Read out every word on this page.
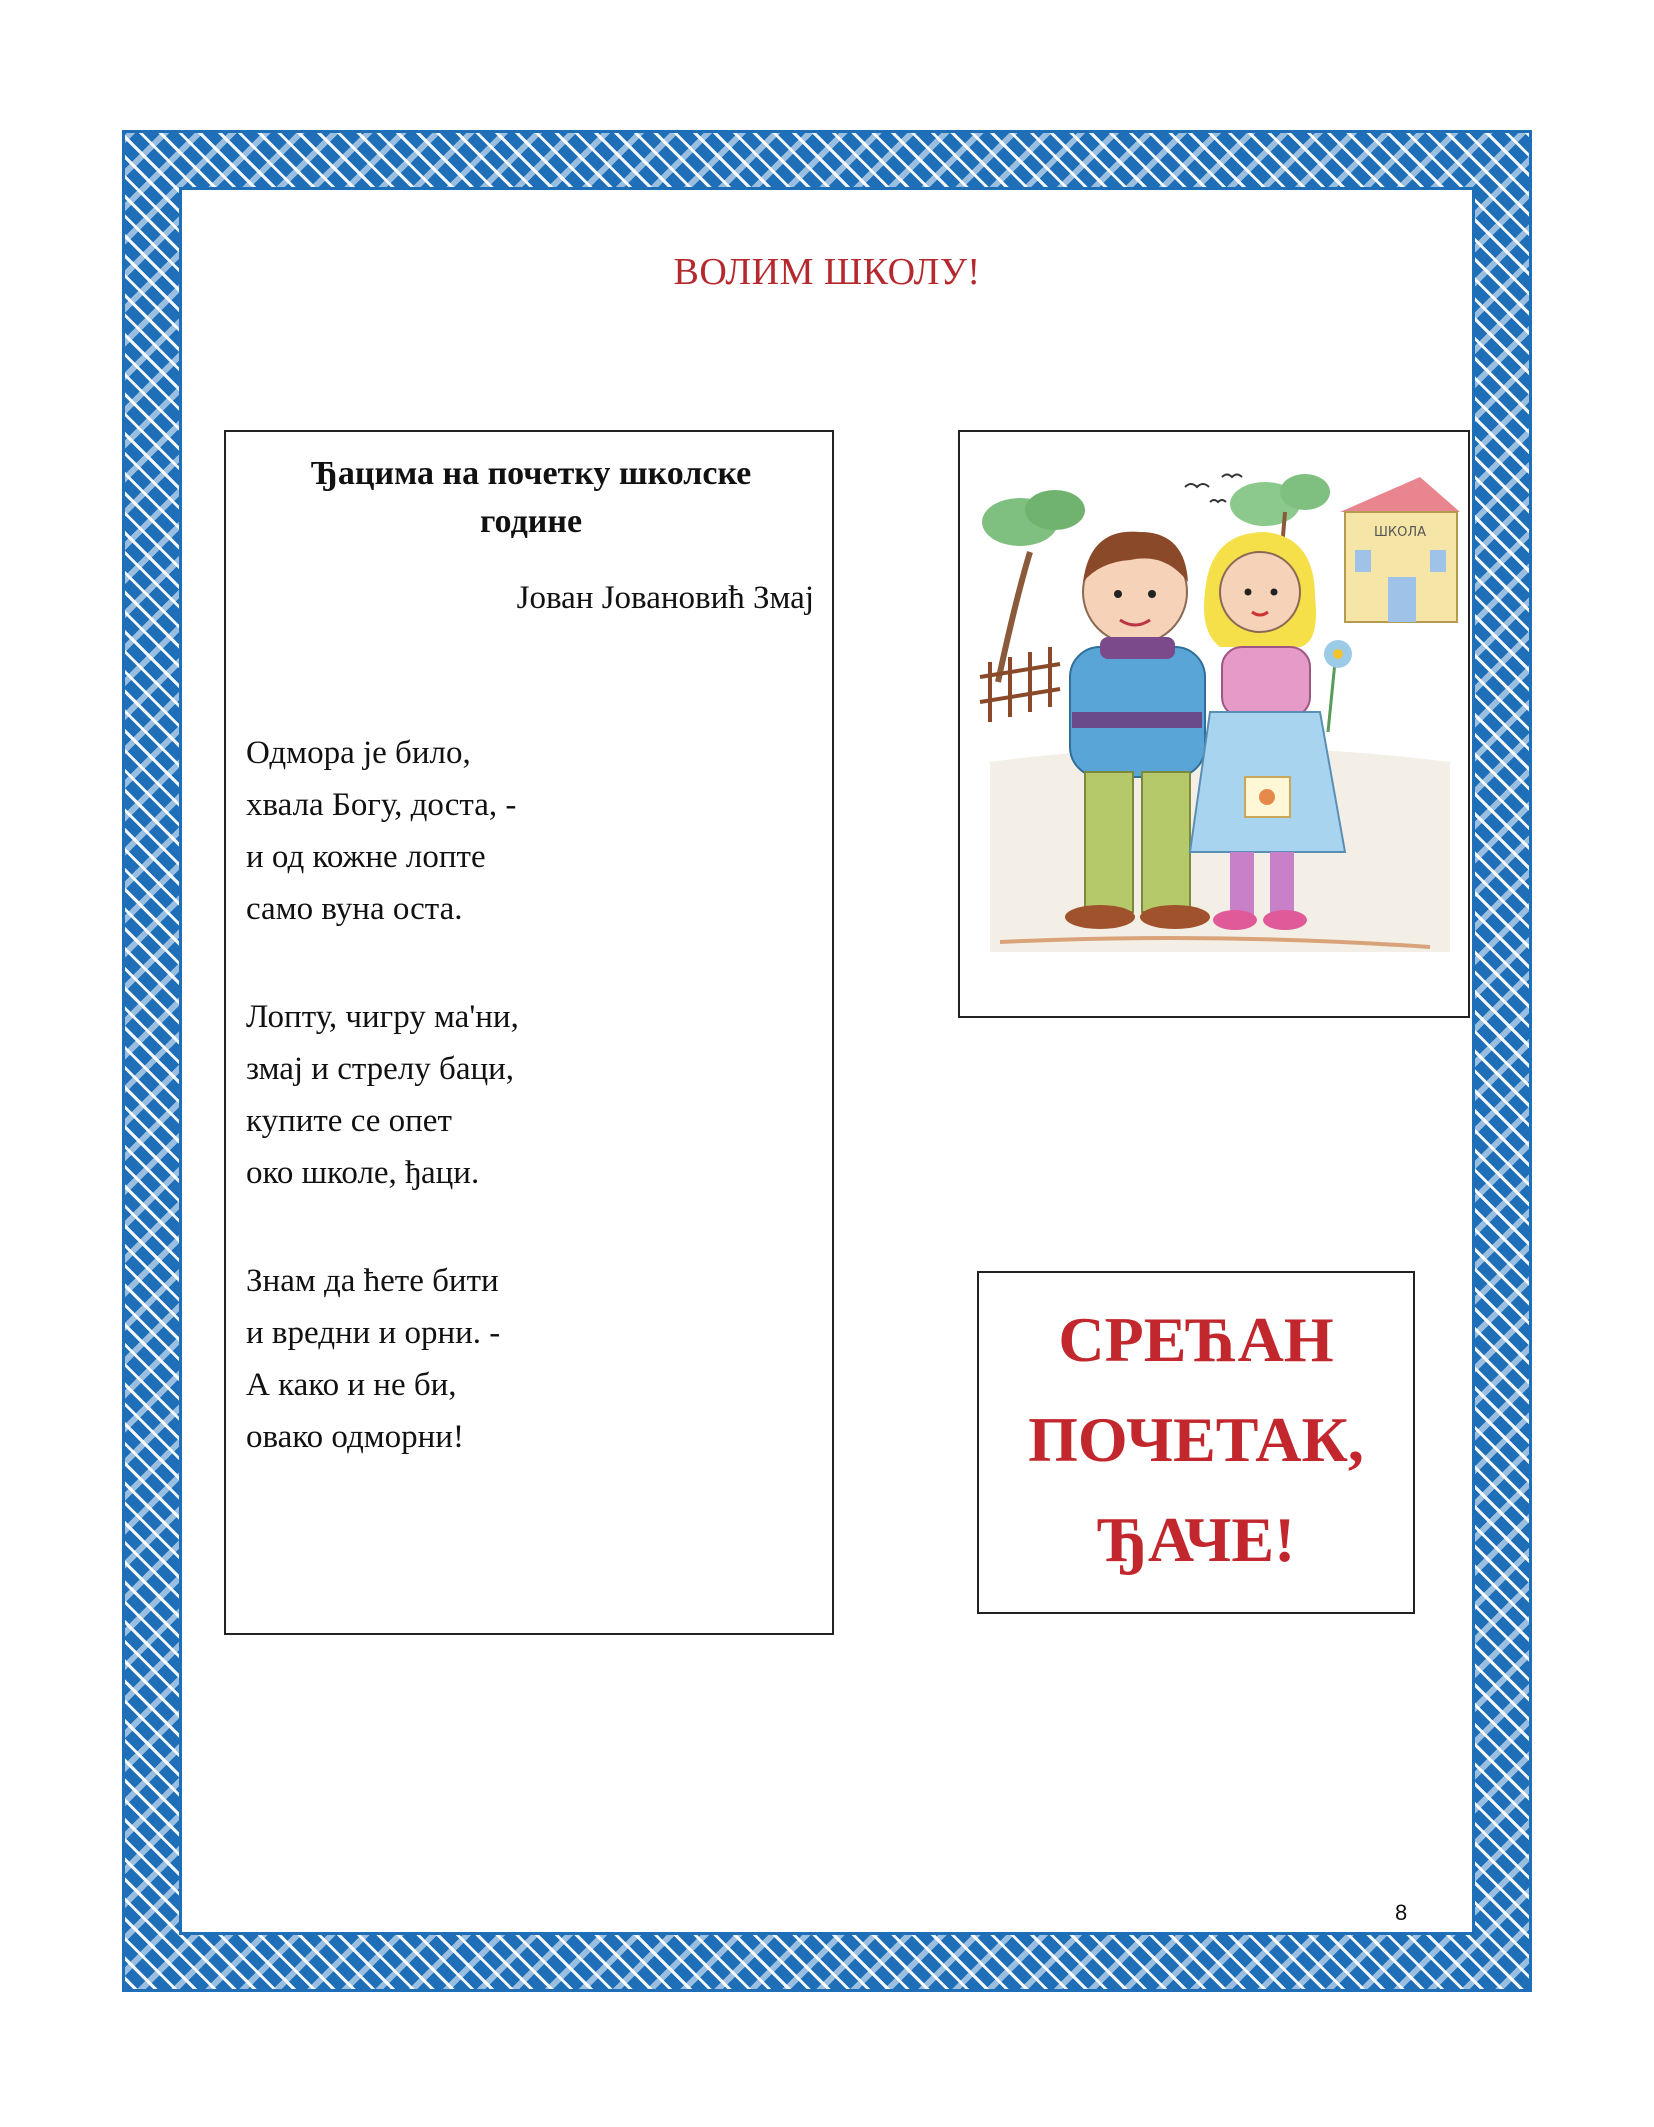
ВОЛИМ ШКОЛУ!
Ђацима на почетку школске
године
Јован Јовановић Змај
Одмора је било,
хвала Богу, доста, -
и од кожне лопте
само вуна оста.
Лопту, чигру ма'ни,
змај и стрелу баци,
купите се опет
око школе, ђаци.
Знам да ћете бити
и вредни и орни. -
А како и не би,
овако одморни!
ШКОЛА
СРЕЋАН
ПОЧЕТАК,
ЂАЧЕ!
8
